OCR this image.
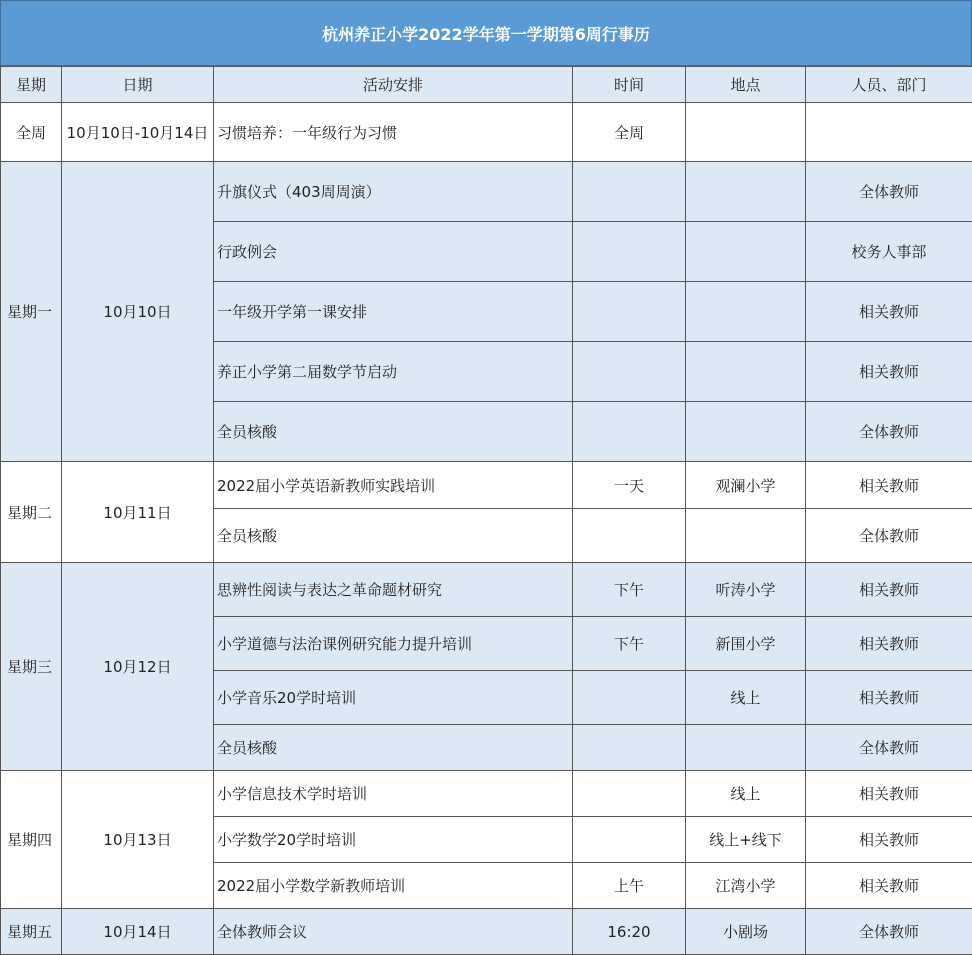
杭州养正小学2022学年第一学期第6周行事历
星期	日期	活动安排	时间	地点	人员、部门
全周	10月10日-10月14日	习惯培养：一年级行为习惯	全周		
星期一	10月10日	升旗仪式（403周周演）			全体教师
		行政例会			校务人事部
		一年级开学第一课安排			相关教师
		养正小学第二届数学节启动			相关教师
		全员核酸			全体教师
星期二	10月11日	2022届小学英语新教师实践培训	一天	观澜小学	相关教师
		全员核酸			全体教师
星期三	10月12日	思辨性阅读与表达之革命题材研究	下午	听涛小学	相关教师
		小学道德与法治课例研究能力提升培训	下午	新围小学	相关教师
		小学音乐20学时培训		线上	相关教师
		全员核酸			全体教师
星期四	10月13日	小学信息技术学时培训		线上	相关教师
		小学数学20学时培训		线上+线下	相关教师
		2022届小学数学新教师培训	上午	江湾小学	相关教师
星期五	10月14日	全体教师会议	16:20	小剧场	全体教师
